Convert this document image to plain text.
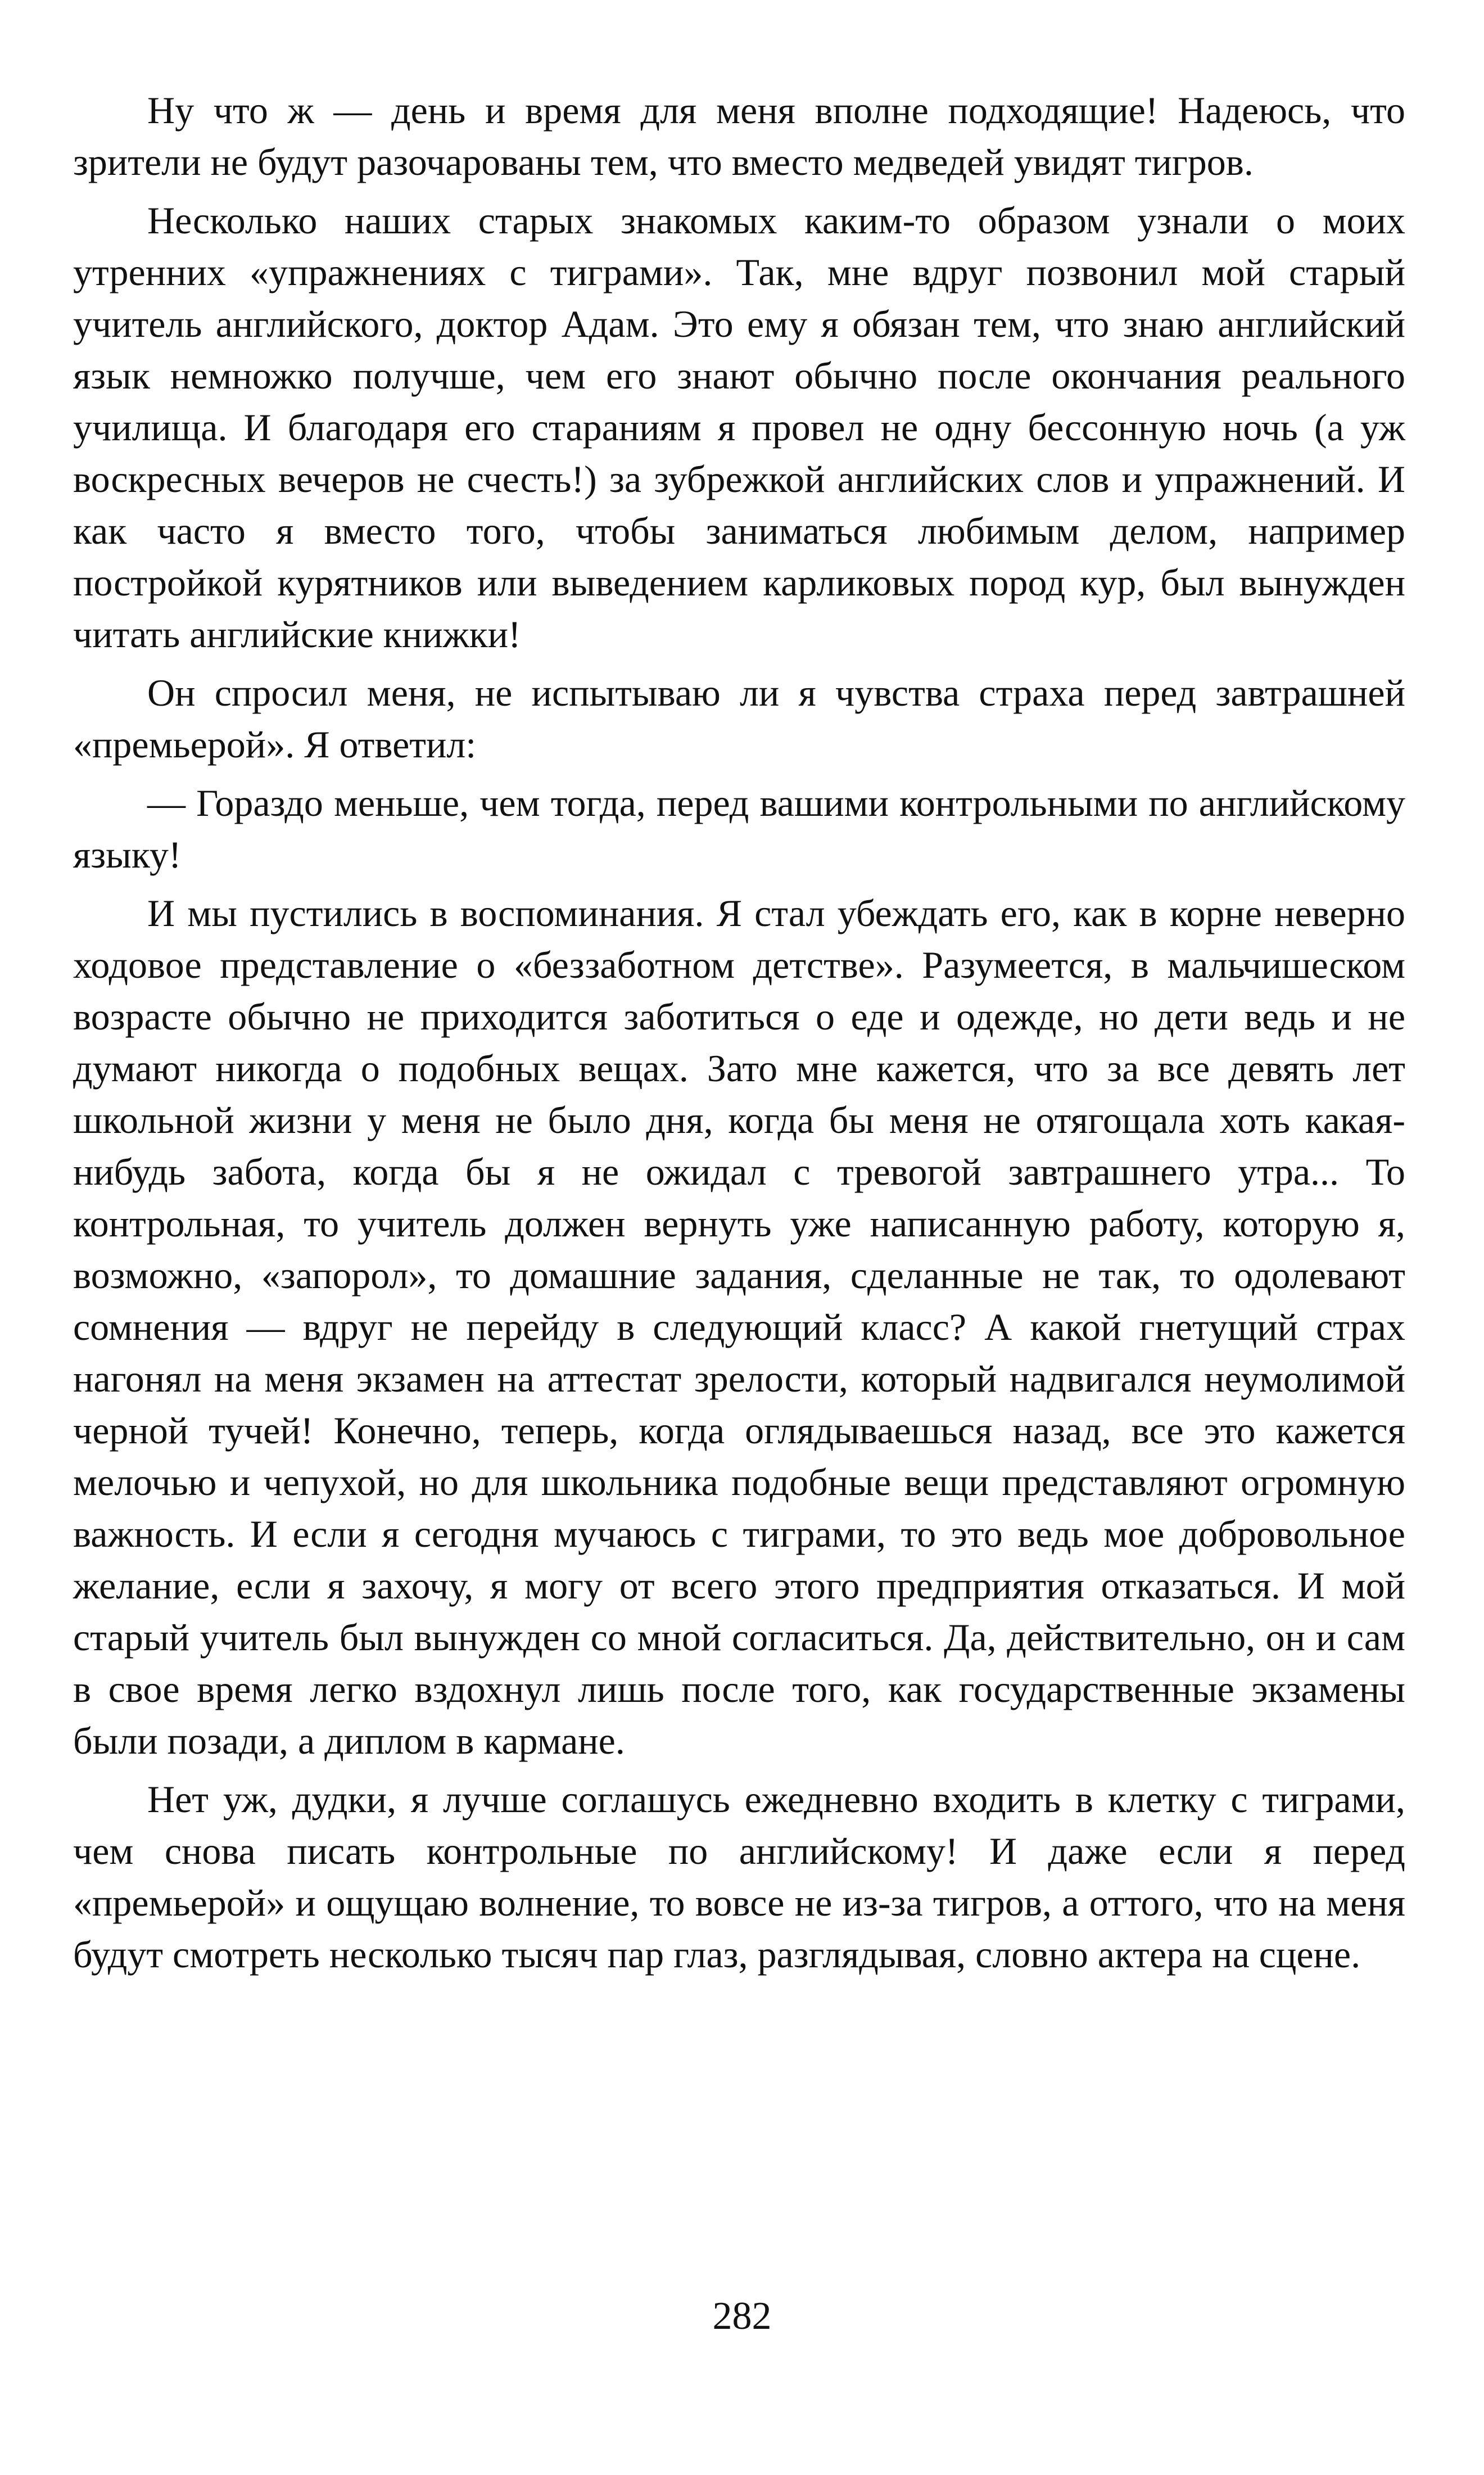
Ну что ж — день и время для меня вполне подходящие! Надеюсь, что зрители не будут разочарованы тем, что вместо медведей увидят тигров.

Несколько наших старых знакомых каким-то образом узнали о моих утренних «упражнениях с тиграми». Так, мне вдруг позвонил мой старый учитель английского, доктор Адам. Это ему я обязан тем, что знаю английский язык немножко получше, чем его знают обычно после окончания реального училища. И благодаря его стараниям я провел не одну бессонную ночь (а уж воскресных вечеров не счесть!) за зубрежкой английских слов и упражнений. И как часто я вместо того, чтобы заниматься любимым делом, например постройкой курятников или выведением карликовых пород кур, был вынужден читать английские книжки!

Он спросил меня, не испытываю ли я чувства страха перед завтрашней «премьерой». Я ответил:

— Гораздо меньше, чем тогда, перед вашими контрольными по английскому языку!

И мы пустились в воспоминания. Я стал убеждать его, как в корне неверно ходовое представление о «беззаботном детстве». Разумеется, в мальчишеском возрасте обычно не приходится заботиться о еде и одежде, но дети ведь и не думают никогда о подобных вещах. Зато мне кажется, что за все девять лет школьной жизни у меня не было дня, когда бы меня не отягощала хоть какая-нибудь забота, когда бы я не ожидал с тревогой завтрашнего утра... То контрольная, то учитель должен вернуть уже написанную работу, которую я, возможно, «запорол», то домашние задания, сделанные не так, то одолевают сомнения — вдруг не перейду в следующий класс? А какой гнетущий страх нагонял на меня экзамен на аттестат зрелости, который надвигался неумолимой черной тучей! Конечно, теперь, когда оглядываешься назад, все это кажется мелочью и чепухой, но для школьника подобные вещи представляют огромную важность. И если я сегодня мучаюсь с тиграми, то это ведь мое добровольное желание, если я захочу, я могу от всего этого предприятия отказаться. И мой старый учитель был вынужден со мной согласиться. Да, действительно, он и сам в свое время легко вздохнул лишь после того, как государственные экзамены были позади, а диплом в кармане.

Нет уж, дудки, я лучше соглашусь ежедневно входить в клетку с тиграми, чем снова писать контрольные по английскому! И даже если я перед «премьерой» и ощущаю волнение, то вовсе не из-за тигров, а оттого, что на меня будут смотреть несколько тысяч пар глаз, разглядывая, словно актера на сцене.

282
